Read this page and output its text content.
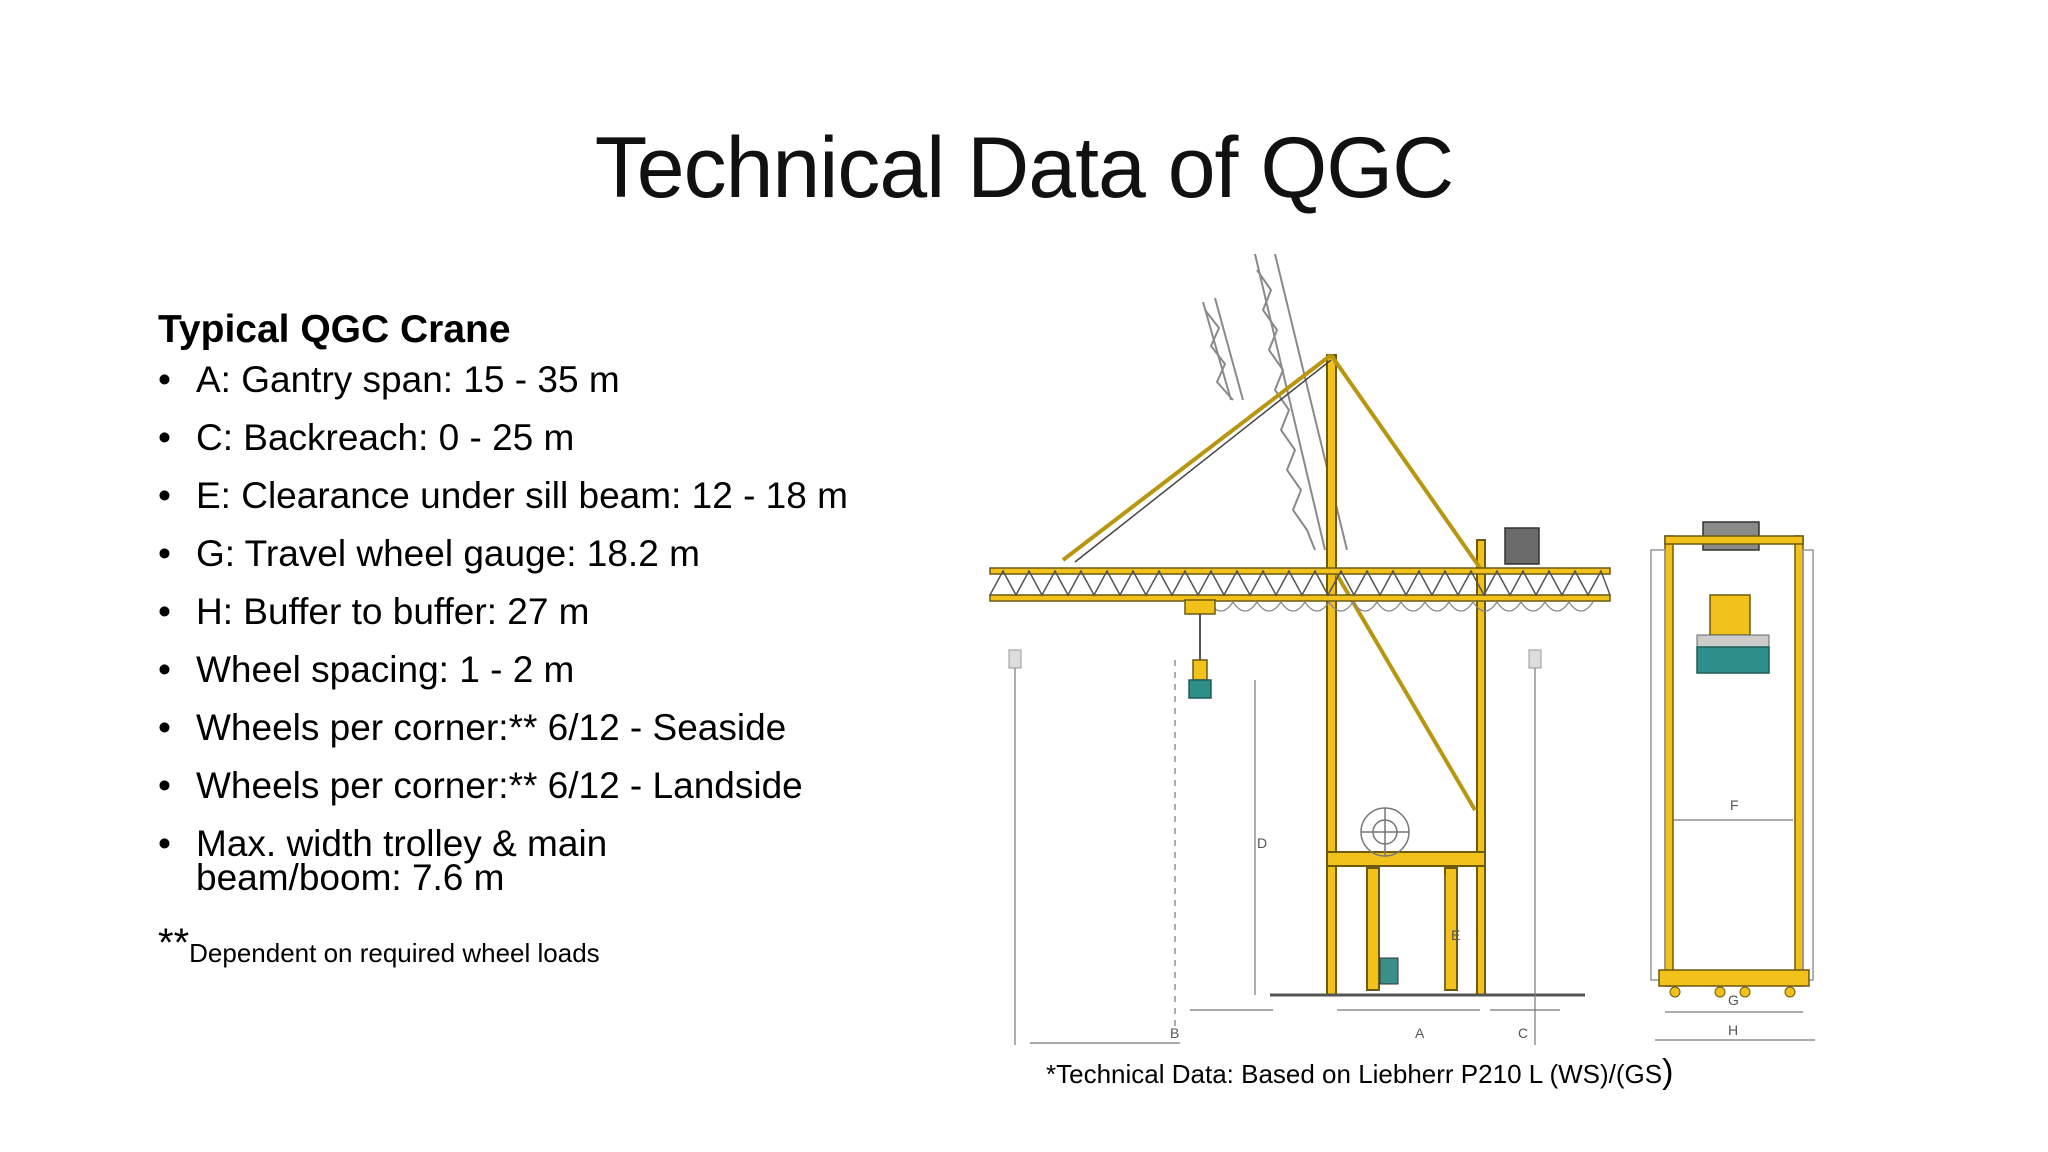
Technical Data of QGC
Typical QGC Crane
• A: Gantry span: 15 - 35 m
• C: Backreach: 0 - 25 m
• E: Clearance under sill beam: 12 - 18 m
• G: Travel wheel gauge: 18.2 m
• H: Buffer to buffer: 27 m
• Wheel spacing: 1 - 2 m
• Wheels per corner:** 6/12 - Seaside
• Wheels per corner:** 6/12 - Landside
• Max. width trolley & main beam/boom: 7.6 m
**Dependent on required wheel loads
B
D
A	C
E
F
G
H
*Technical Data: Based on Liebherr P210 L (WS)/(GS)
